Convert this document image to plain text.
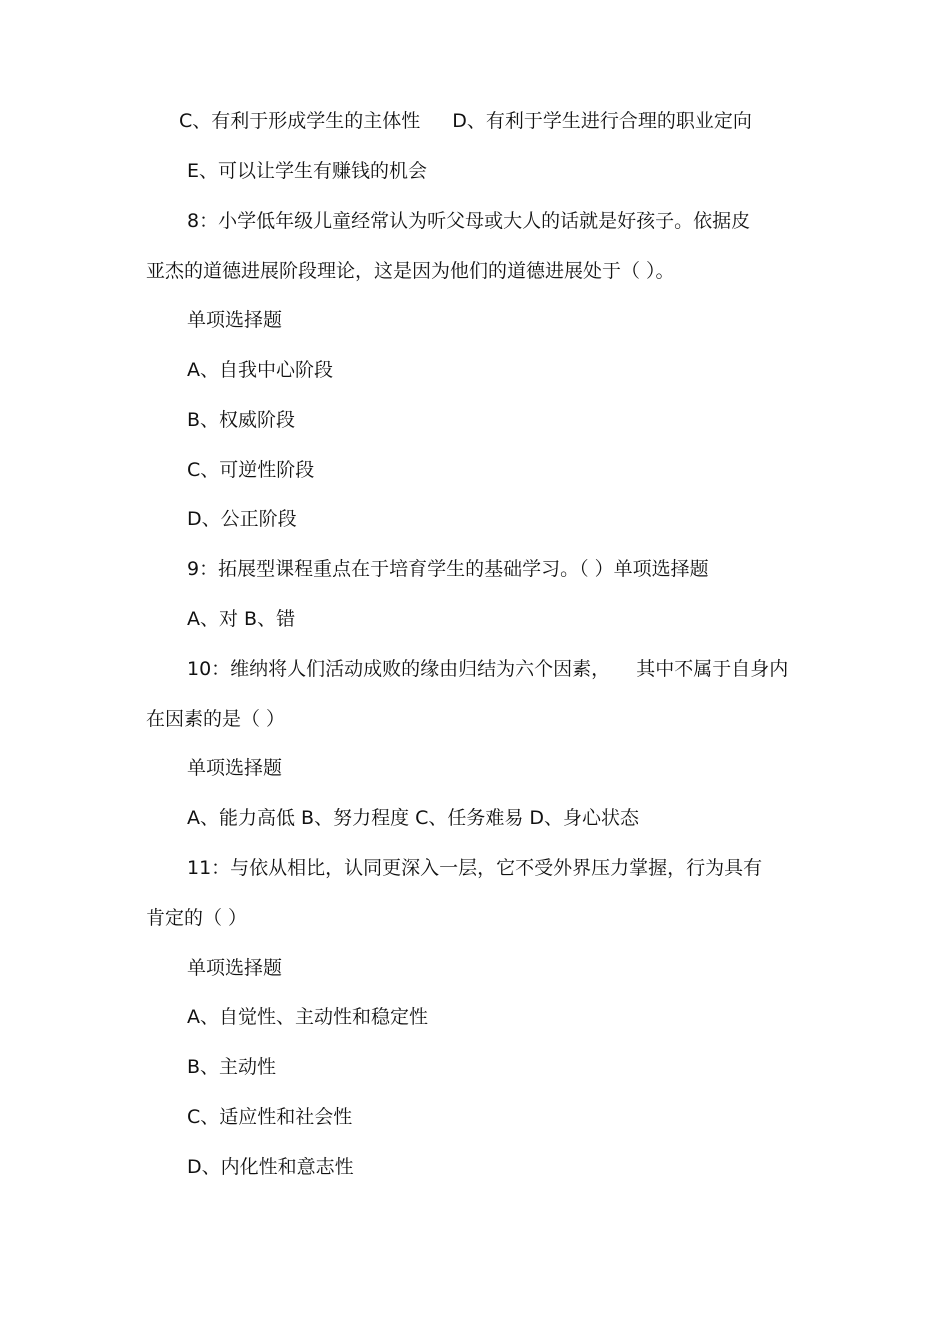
C、有利于形成学生的主体性 D、有利于学生进行合理的职业定向
E、可以让学生有赚钱的机会
8：小学低年级儿童经常认为听父母或大人的话就是好孩子。依据皮
亚杰的道德进展阶段理论，这是因为他们的道德进展处于（ ）。
单项选择题
A、自我中心阶段
B、权威阶段
C、可逆性阶段
D、公正阶段
9：拓展型课程重点在于培育学生的基础学习。（ ）单项选择题
A、对 B、错
10：维纳将人们活动成败的缘由归结为六个因素， 其中不属于自身内
在因素的是（ ）
单项选择题
A、能力高低 B、努力程度 C、任务难易 D、身心状态
11：与依从相比，认同更深入一层，它不受外界压力掌握，行为具有
肯定的（ ）
单项选择题
A、自觉性、主动性和稳定性
B、主动性
C、适应性和社会性
D、内化性和意志性
